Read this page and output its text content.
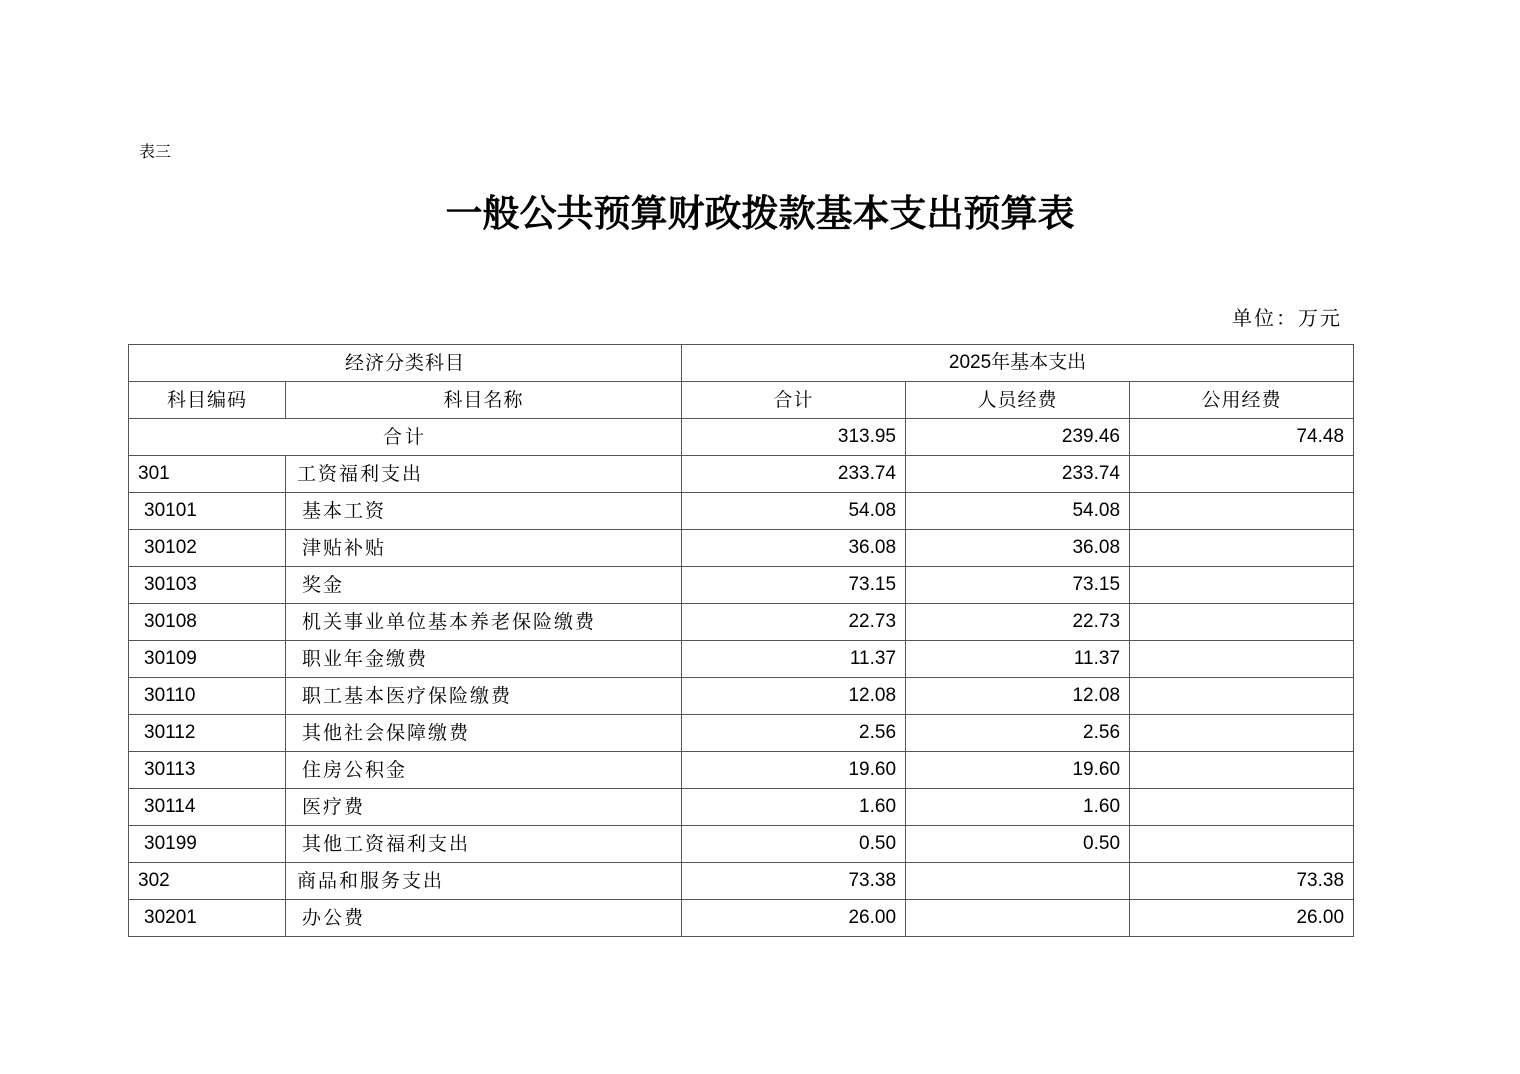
表三
一般公共预算财政拨款基本支出预算表
单位：万元
经济分类科目		2025年基本支出		
科目编码	科目名称	合计	人员经费	公用经费
合计		313.95	239.46	74.48
301	工资福利支出	233.74	233.74	
30101	基本工资	54.08	54.08	
30102	津贴补贴	36.08	36.08	
30103	奖金	73.15	73.15	
30108	机关事业单位基本养老保险缴费	22.73	22.73	
30109	职业年金缴费	11.37	11.37	
30110	职工基本医疗保险缴费	12.08	12.08	
30112	其他社会保障缴费	2.56	2.56	
30113	住房公积金	19.60	19.60	
30114	医疗费	1.60	1.60	
30199	其他工资福利支出	0.50	0.50	
302	商品和服务支出	73.38		73.38
30201	办公费	26.00		26.00
